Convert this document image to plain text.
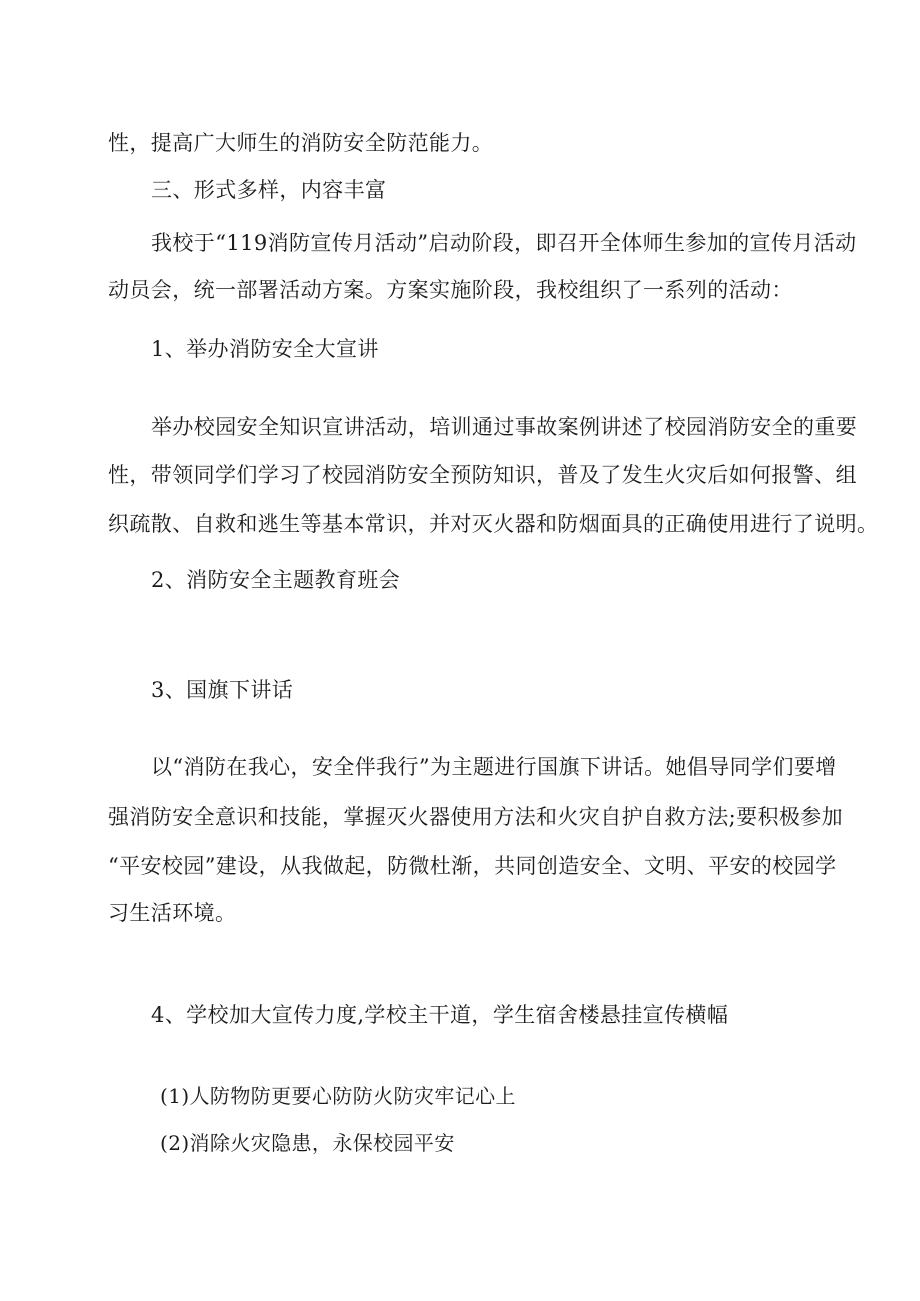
性，提高广大师生的消防安全防范能力。
三、形式多样，内容丰富
我校于“119消防宣传月活动”启动阶段，即召开全体师生参加的宣传月活动
动员会，统一部署活动方案。方案实施阶段，我校组织了一系列的活动：
1、举办消防安全大宣讲
举办校园安全知识宣讲活动，培训通过事故案例讲述了校园消防安全的重要
性，带领同学们学习了校园消防安全预防知识，普及了发生火灾后如何报警、组
织疏散、自救和逃生等基本常识，并对灭火器和防烟面具的正确使用进行了说明。
2、消防安全主题教育班会
3、国旗下讲话
以“消防在我心，安全伴我行”为主题进行国旗下讲话。她倡导同学们要增
强消防安全意识和技能，掌握灭火器使用方法和火灾自护自救方法;要积极参加
“平安校园”建设，从我做起，防微杜渐，共同创造安全、文明、平安的校园学
习生活环境。
4、学校加大宣传力度,学校主干道，学生宿舍楼悬挂宣传横幅
(1)人防物防更要心防防火防灾牢记心上
(2)消除火灾隐患，永保校园平安
